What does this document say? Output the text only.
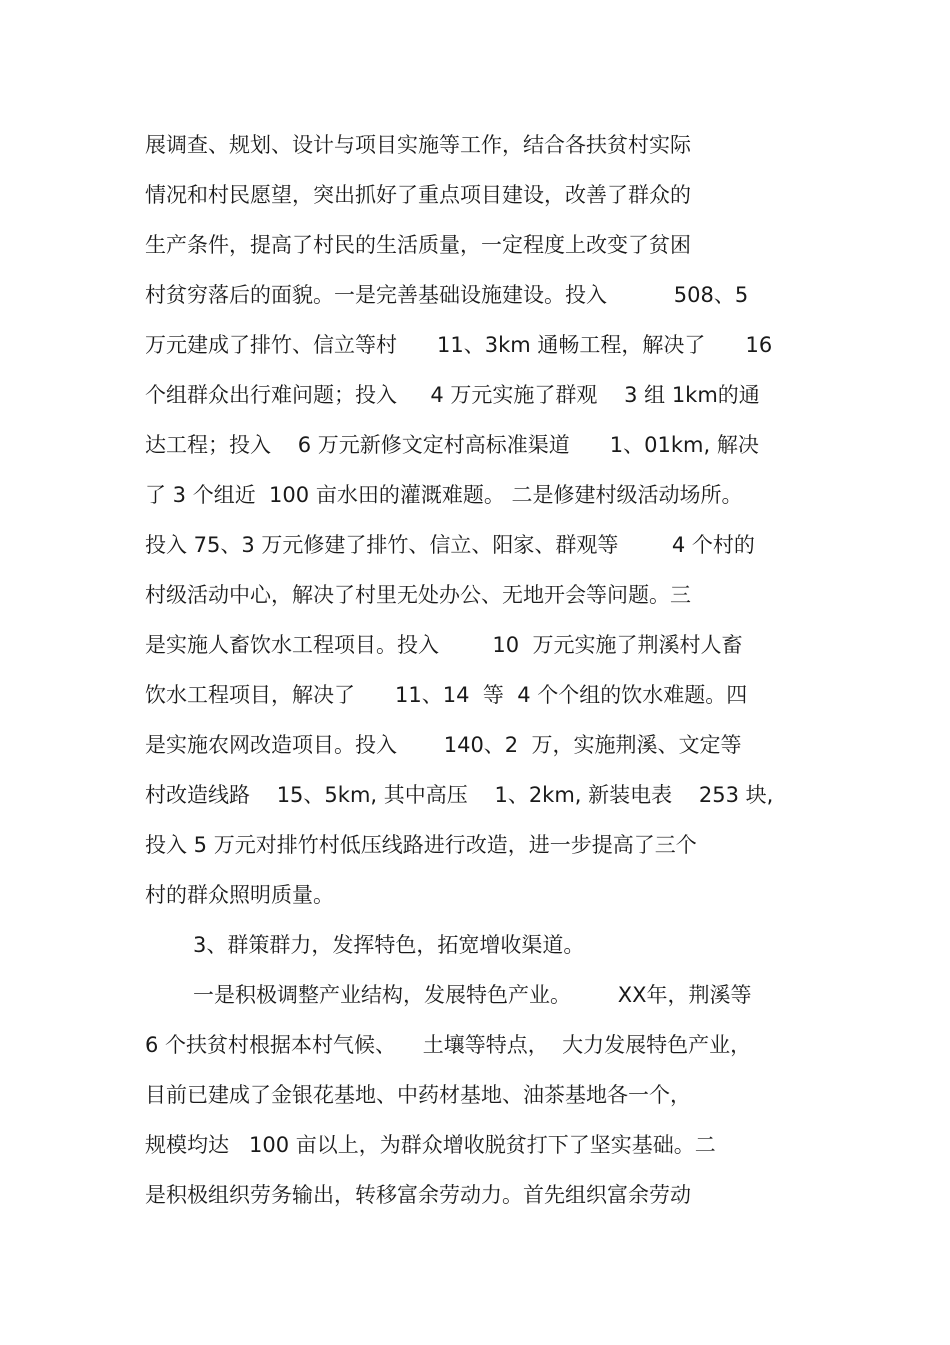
展调查、规划、设计与项目实施等工作，结合各扶贫村实际
情况和村民愿望，突出抓好了重点项目建设，改善了群众的
生产条件，提高了村民的生活质量，一定程度上改变了贫困
村贫穷落后的面貌。一是完善基础设施建设。投入          508、5
万元建成了排竹、信立等村      11、3km 通畅工程，解决了      16
个组群众出行难问题；投入     4 万元实施了群观    3 组 1km的通
达工程；投入    6 万元新修文定村高标准渠道      1、01km, 解决
了 3 个组近  100 亩水田的灌溉难题。 二是修建村级活动场所。
投入 75、3 万元修建了排竹、信立、阳家、群观等        4 个村的
村级活动中心，解决了村里无处办公、无地开会等问题。三
是实施人畜饮水工程项目。投入        10  万元实施了荆溪村人畜
饮水工程项目，解决了      11、14  等  4 个个组的饮水难题。四
是实施农网改造项目。投入       140、2  万，实施荆溪、文定等
村改造线路    15、5km, 其中高压    1、2km, 新装电表    253 块,
投入 5 万元对排竹村低压线路进行改造，进一步提高了三个
村的群众照明质量。
3、群策群力，发挥特色，拓宽增收渠道。
一是积极调整产业结构，发展特色产业。       XX年，荆溪等
6 个扶贫村根据本村气候、    土壤等特点，  大力发展特色产业，
目前已建成了金银花基地、中药材基地、油茶基地各一个，
规模均达   100 亩以上，为群众增收脱贫打下了坚实基础。二
是积极组织劳务输出，转移富余劳动力。首先组织富余劳动
